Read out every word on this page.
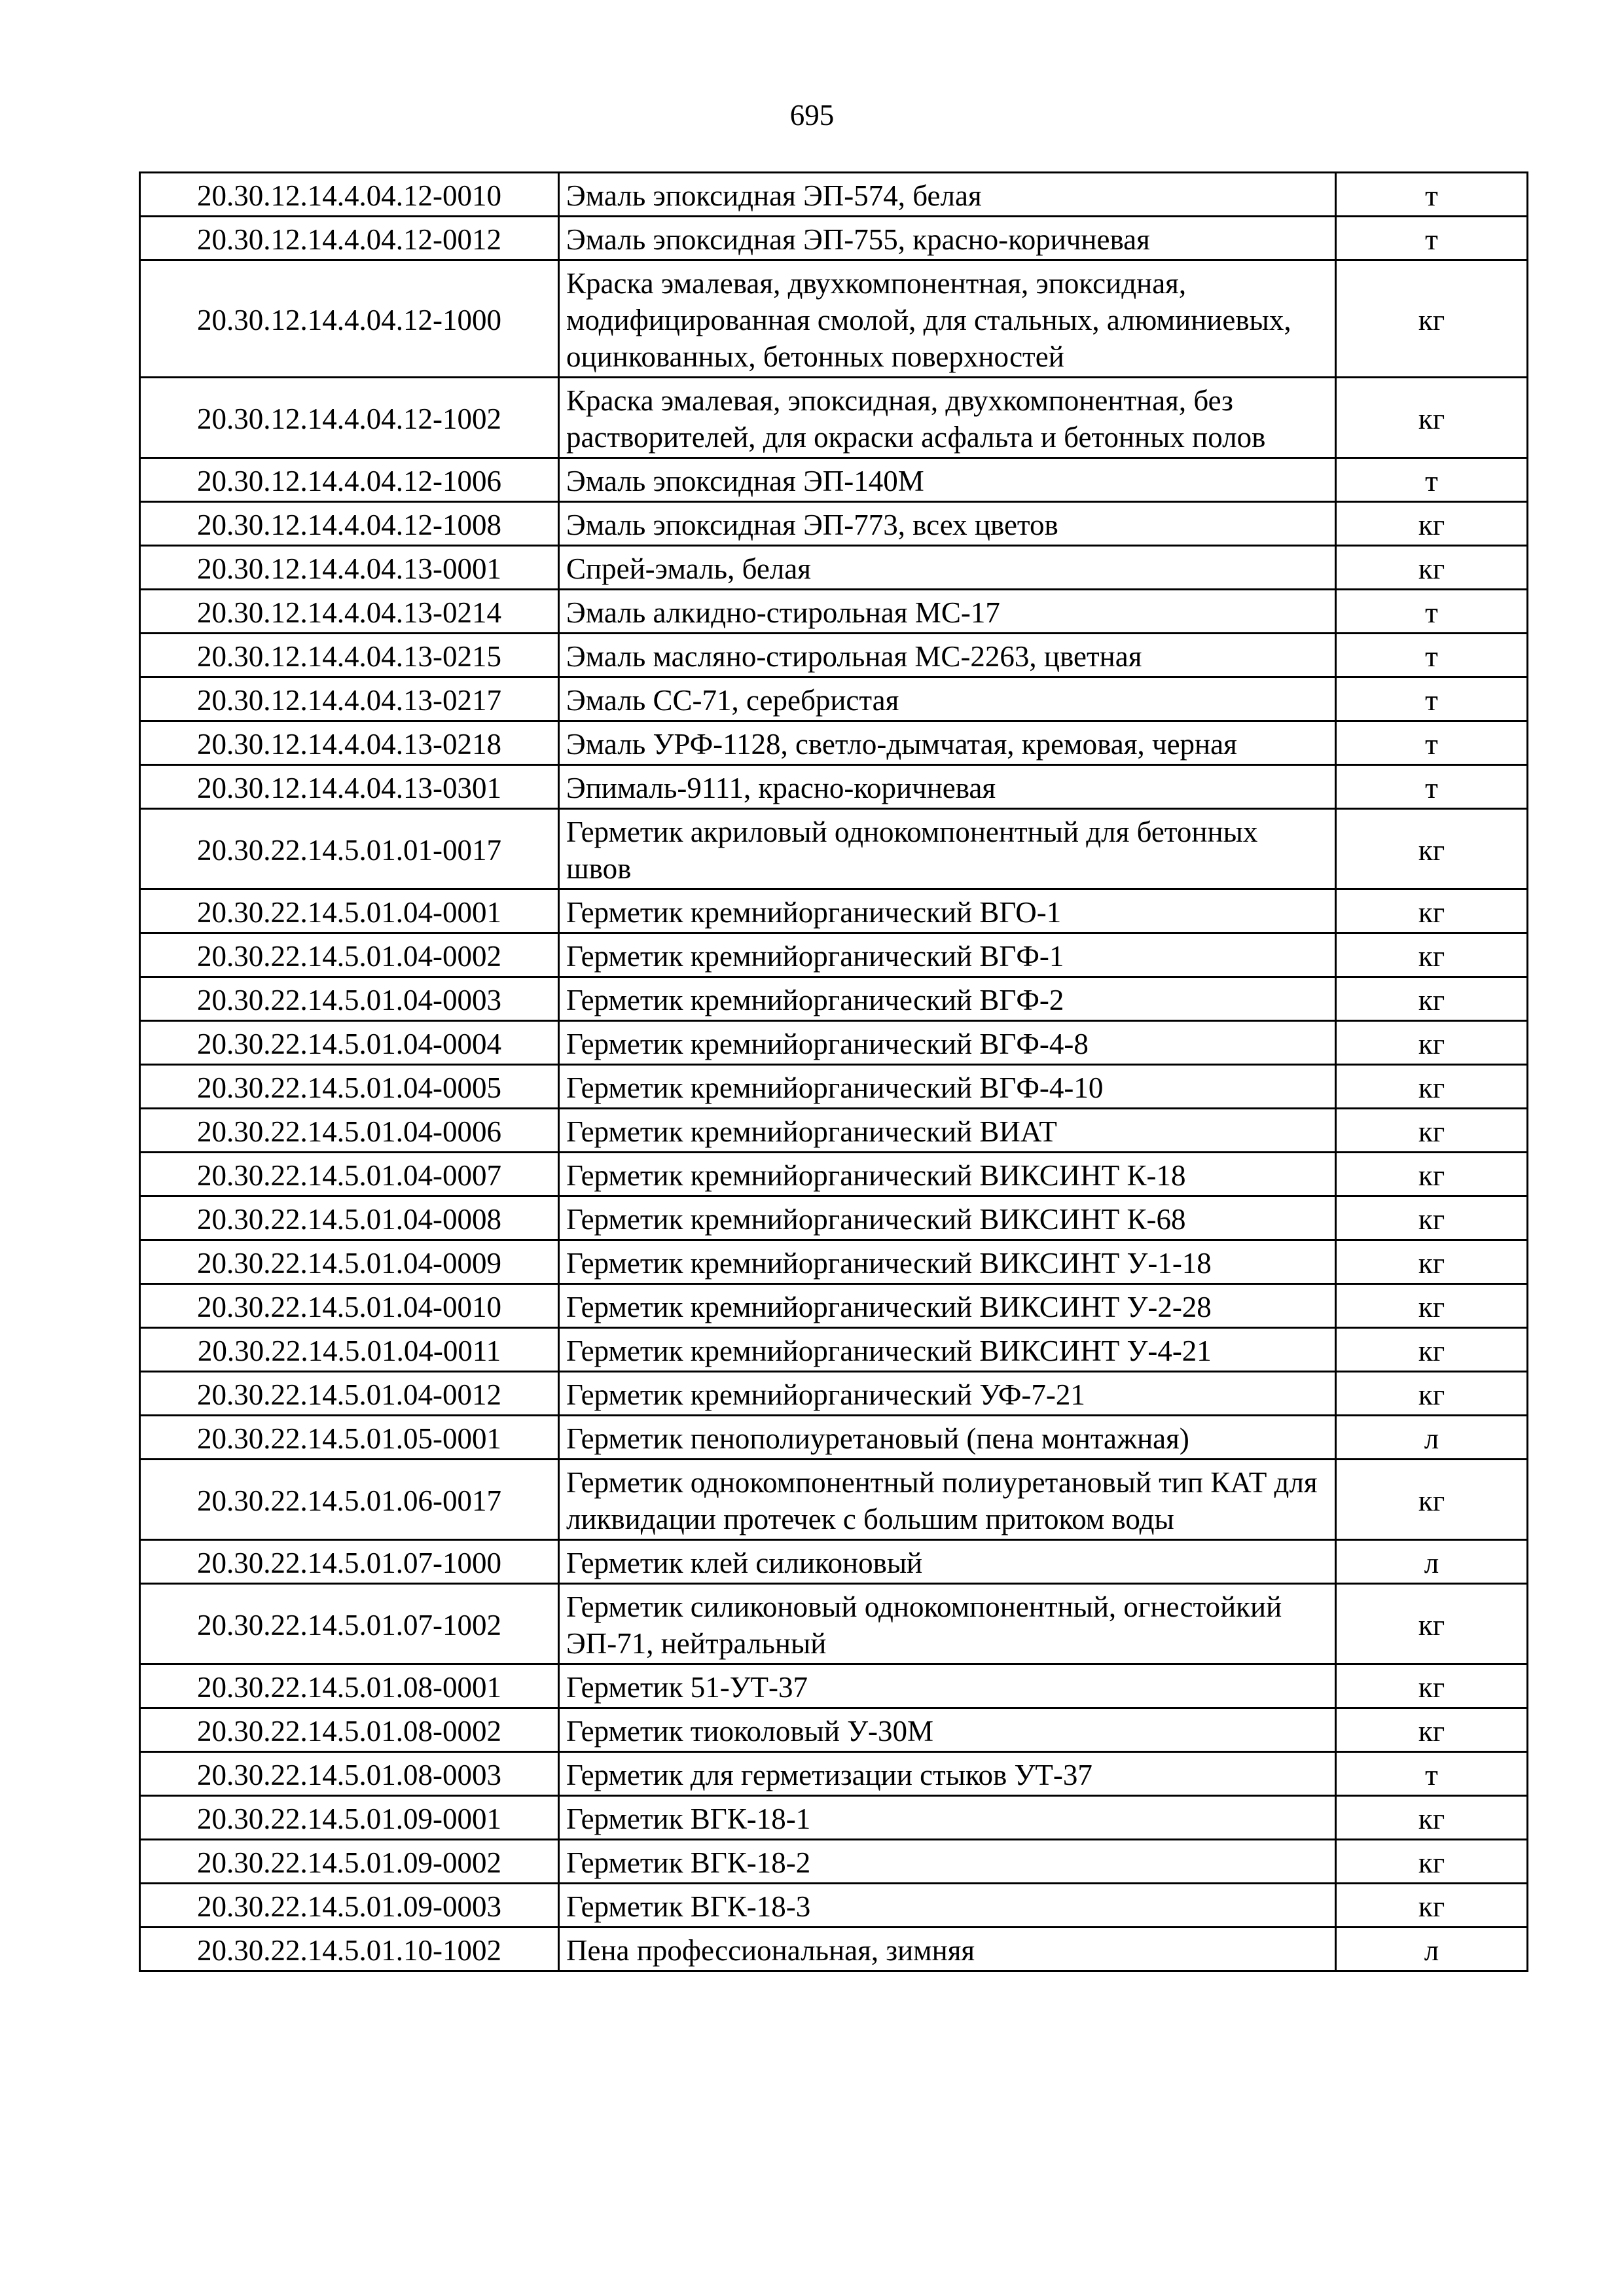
695
20.30.12.14.4.04.12-0010	Эмаль эпоксидная ЭП-574, белая	т
20.30.12.14.4.04.12-0012	Эмаль эпоксидная ЭП-755, красно-коричневая	т
20.30.12.14.4.04.12-1000	Краска эмалевая, двухкомпонентная, эпоксидная, модифицированная смолой, для стальных, алюминиевых, оцинкованных, бетонных поверхностей	кг
20.30.12.14.4.04.12-1002	Краска эмалевая, эпоксидная, двухкомпонентная, без растворителей, для окраски асфальта и бетонных полов	кг
20.30.12.14.4.04.12-1006	Эмаль эпоксидная ЭП-140М	т
20.30.12.14.4.04.12-1008	Эмаль эпоксидная ЭП-773, всех цветов	кг
20.30.12.14.4.04.13-0001	Спрей-эмаль, белая	кг
20.30.12.14.4.04.13-0214	Эмаль алкидно-стирольная МС-17	т
20.30.12.14.4.04.13-0215	Эмаль масляно-стирольная МС-2263, цветная	т
20.30.12.14.4.04.13-0217	Эмаль СС-71, серебристая	т
20.30.12.14.4.04.13-0218	Эмаль УРФ-1128, светло-дымчатая, кремовая, черная	т
20.30.12.14.4.04.13-0301	Эпималь-9111, красно-коричневая	т
20.30.22.14.5.01.01-0017	Герметик акриловый однокомпонентный для бетонных швов	кг
20.30.22.14.5.01.04-0001	Герметик кремнийорганический ВГО-1	кг
20.30.22.14.5.01.04-0002	Герметик кремнийорганический ВГФ-1	кг
20.30.22.14.5.01.04-0003	Герметик кремнийорганический ВГФ-2	кг
20.30.22.14.5.01.04-0004	Герметик кремнийорганический ВГФ-4-8	кг
20.30.22.14.5.01.04-0005	Герметик кремнийорганический ВГФ-4-10	кг
20.30.22.14.5.01.04-0006	Герметик кремнийорганический ВИАТ	кг
20.30.22.14.5.01.04-0007	Герметик кремнийорганический ВИКСИНТ К-18	кг
20.30.22.14.5.01.04-0008	Герметик кремнийорганический ВИКСИНТ К-68	кг
20.30.22.14.5.01.04-0009	Герметик кремнийорганический ВИКСИНТ У-1-18	кг
20.30.22.14.5.01.04-0010	Герметик кремнийорганический ВИКСИНТ У-2-28	кг
20.30.22.14.5.01.04-0011	Герметик кремнийорганический ВИКСИНТ У-4-21	кг
20.30.22.14.5.01.04-0012	Герметик кремнийорганический УФ-7-21	кг
20.30.22.14.5.01.05-0001	Герметик пенополиуретановый (пена монтажная)	л
20.30.22.14.5.01.06-0017	Герметик однокомпонентный полиуретановый тип КАТ для ликвидации протечек с большим притоком воды	кг
20.30.22.14.5.01.07-1000	Герметик клей силиконовый	л
20.30.22.14.5.01.07-1002	Герметик силиконовый однокомпонентный, огнестойкий ЭП-71, нейтральный	кг
20.30.22.14.5.01.08-0001	Герметик 51-УТ-37	кг
20.30.22.14.5.01.08-0002	Герметик тиоколовый У-30М	кг
20.30.22.14.5.01.08-0003	Герметик для герметизации стыков УТ-37	т
20.30.22.14.5.01.09-0001	Герметик ВГК-18-1	кг
20.30.22.14.5.01.09-0002	Герметик ВГК-18-2	кг
20.30.22.14.5.01.09-0003	Герметик ВГК-18-3	кг
20.30.22.14.5.01.10-1002	Пена профессиональная, зимняя	л
